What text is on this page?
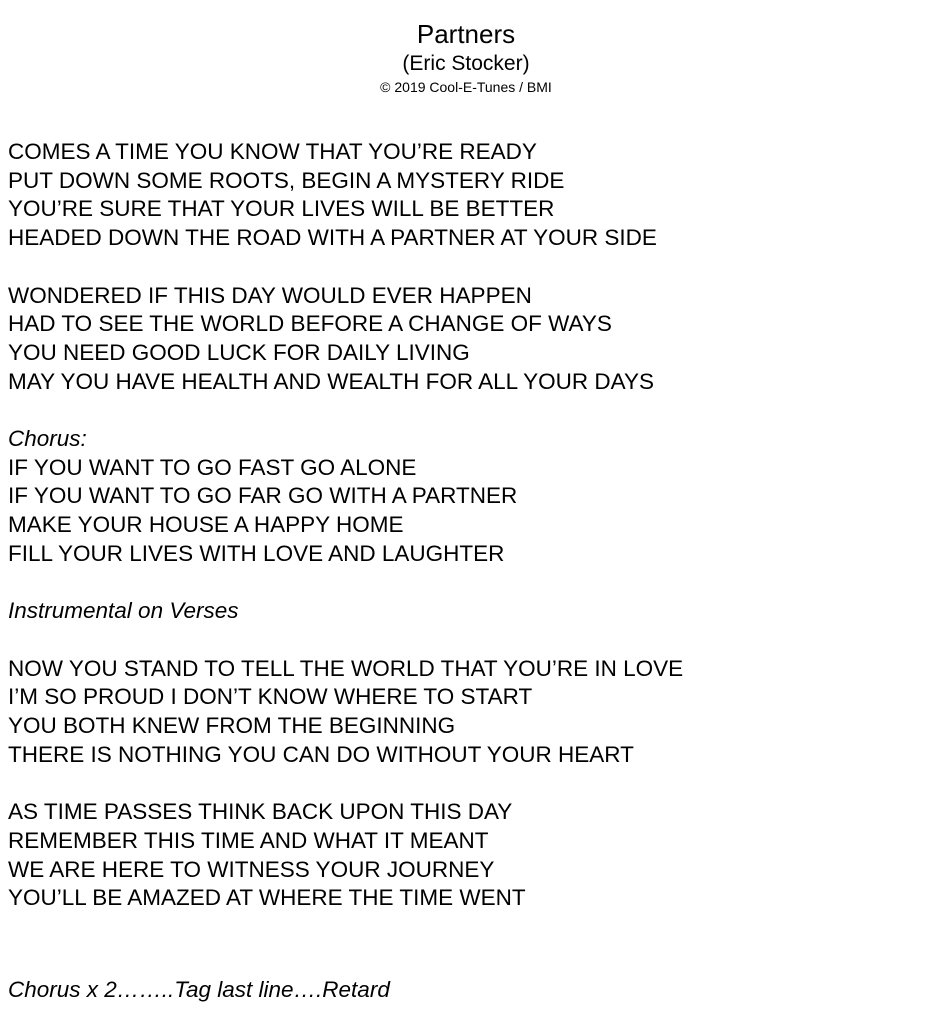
Partners
(Eric Stocker)
© 2019 Cool-E-Tunes / BMI
COMES A TIME YOU KNOW THAT YOU’RE READY
PUT DOWN SOME ROOTS, BEGIN A MYSTERY RIDE
YOU’RE SURE THAT YOUR LIVES WILL BE BETTER
HEADED DOWN THE ROAD WITH A PARTNER AT YOUR SIDE
WONDERED IF THIS DAY WOULD EVER HAPPEN
HAD TO SEE THE WORLD BEFORE A CHANGE OF WAYS
YOU NEED GOOD LUCK FOR DAILY LIVING
MAY YOU HAVE HEALTH AND WEALTH FOR ALL YOUR DAYS
Chorus:
IF YOU WANT TO GO FAST GO ALONE
IF YOU WANT TO GO FAR GO WITH A PARTNER
MAKE YOUR HOUSE A HAPPY HOME
FILL YOUR LIVES WITH LOVE AND LAUGHTER
Instrumental on Verses
NOW YOU STAND TO TELL THE WORLD THAT YOU’RE IN LOVE
I’M SO PROUD I DON’T KNOW WHERE TO START
YOU BOTH KNEW FROM THE BEGINNING
THERE IS NOTHING YOU CAN DO WITHOUT YOUR HEART
AS TIME PASSES THINK BACK UPON THIS DAY
REMEMBER THIS TIME AND WHAT IT MEANT
WE ARE HERE TO WITNESS YOUR JOURNEY
YOU’LL BE AMAZED AT WHERE THE TIME WENT
Chorus x 2……..Tag last line….Retard
